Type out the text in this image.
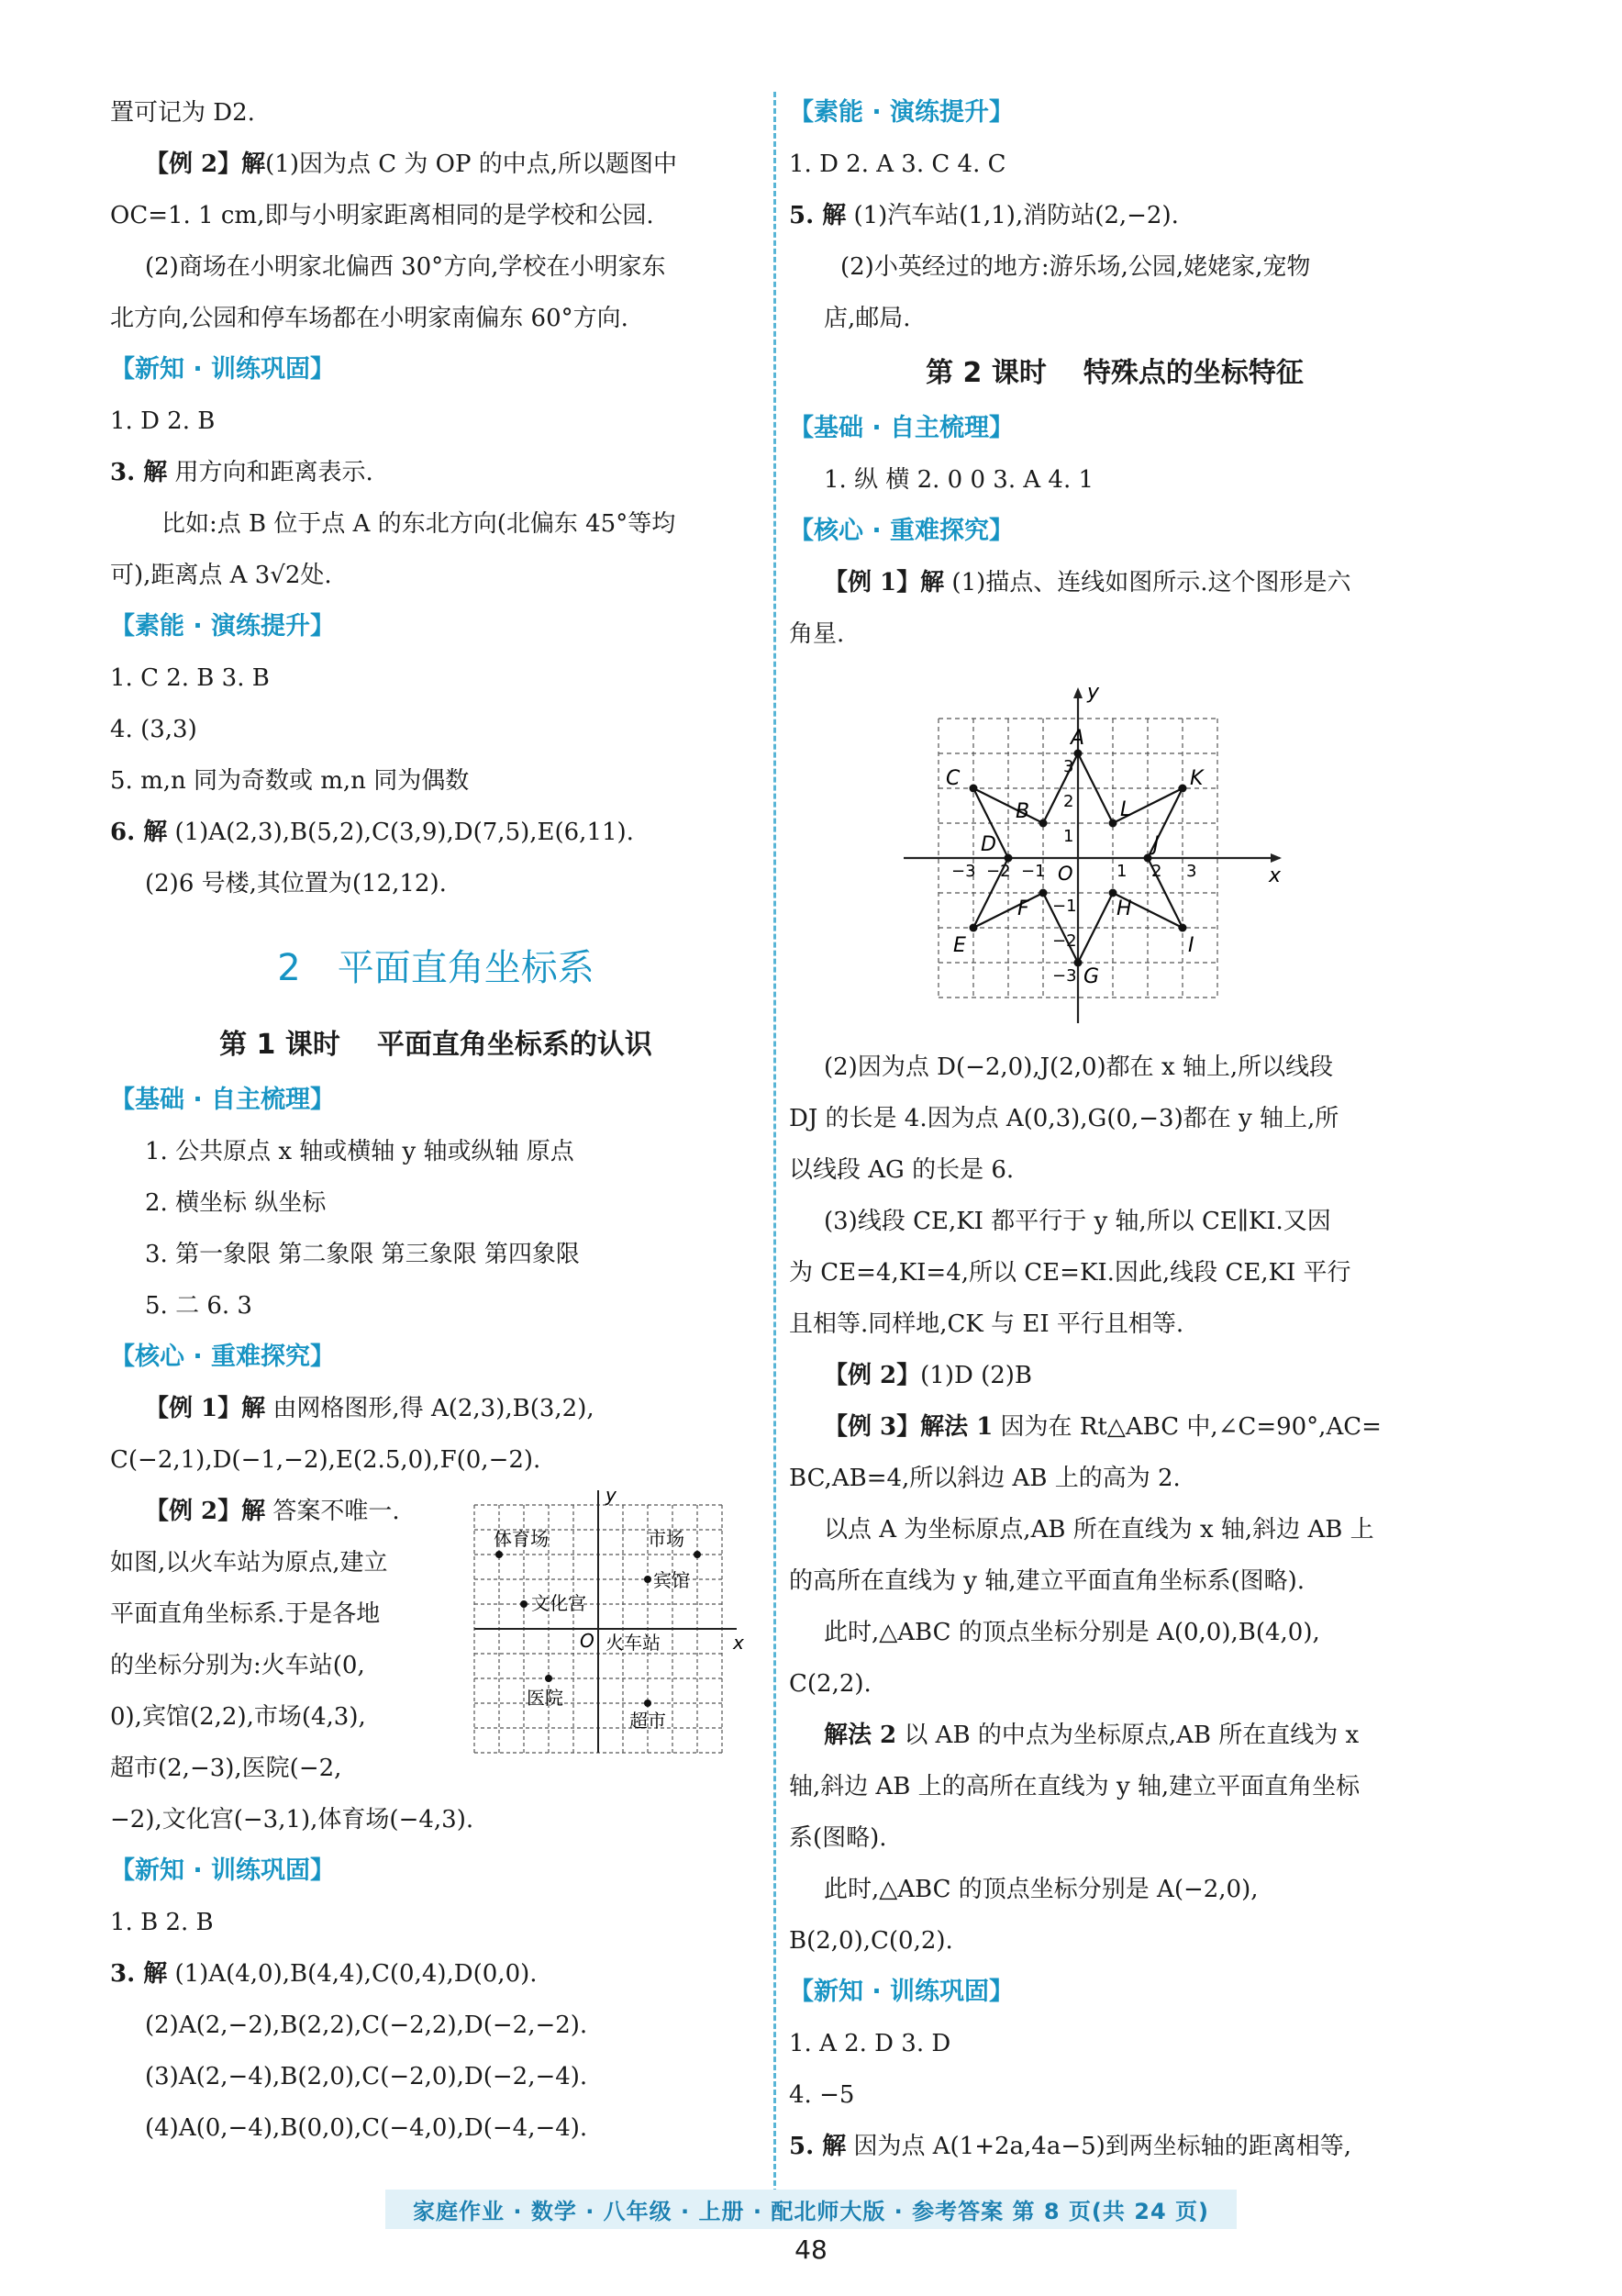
置可记为 D2.
【例 2】解(1)因为点 C 为 OP 的中点,所以题图中
OC=1. 1 cm,即与小明家距离相同的是学校和公园.
(2)商场在小明家北偏西 30°方向,学校在小明家东
北方向,公园和停车场都在小明家南偏东 60°方向.
【新知 · 训练巩固】
1. D 2. B
3. 解 用方向和距离表示.
比如:点 B 位于点 A 的东北方向(北偏东 45°等均
可),距离点 A 3√2处.
【素能 · 演练提升】
1. C 2. B 3. B
4. (3,3)
5. m,n 同为奇数或 m,n 同为偶数
6. 解 (1)A(2,3),B(5,2),C(3,9),D(7,5),E(6,11).
(2)6 号楼,其位置为(12,12).
2 平面直角坐标系
第 1 课时 平面直角坐标系的认识
【基础 · 自主梳理】
1. 公共原点 x 轴或横轴 y 轴或纵轴 原点
2. 横坐标 纵坐标
3. 第一象限 第二象限 第三象限 第四象限
5. 二 6. 3
【核心 · 重难探究】
【例 1】解 由网格图形,得 A(2,3),B(3,2),
C(−2,1),D(−1,−2),E(2.5,0),F(0,−2).
x
y
O 火车站
体育场	市场
宾馆
文化宫
医院
超市
【例 2】解 答案不唯一.
如图,以火车站为原点,建立
平面直角坐标系.于是各地
的坐标分别为:火车站(0,
0),宾馆(2,2),市场(4,3),
超市(2,−3),医院(−2,
−2),文化宫(−3,1),体育场(−4,3).
【新知 · 训练巩固】
1. B 2. B
3. 解 (1)A(4,0),B(4,4),C(0,4),D(0,0).
(2)A(2,−2),B(2,2),C(−2,2),D(−2,−2).
(3)A(2,−4),B(2,0),C(−2,0),D(−2,−4).
(4)A(0,−4),B(0,0),C(−4,0),D(−4,−4).
【素能 · 演练提升】
1. D 2. A 3. C 4. C
5. 解 (1)汽车站(1,1),消防站(2,−2).
(2)小英经过的地方:游乐场,公园,姥姥家,宠物
店,邮局.
第 2 课时 特殊点的坐标特征
【基础 · 自主梳理】
1. 纵 横 2. 0 0 3. A 4. 1
【核心 · 重难探究】
【例 1】解 (1)描点、连线如图所示.这个图形是六
角星.
x
y
O
−3 −2 −1	1 2 3
3
2
1
−1
−2
−3
A
B
C
D
E
F
G
H
I
J
K
L
(2)因为点 D(−2,0),J(2,0)都在 x 轴上,所以线段
DJ 的长是 4.因为点 A(0,3),G(0,−3)都在 y 轴上,所
以线段 AG 的长是 6.
(3)线段 CE,KI 都平行于 y 轴,所以 CE∥KI.又因
为 CE=4,KI=4,所以 CE=KI.因此,线段 CE,KI 平行
且相等.同样地,CK 与 EI 平行且相等.
【例 2】(1)D (2)B
【例 3】解法 1 因为在 Rt△ABC 中,∠C=90°,AC=
BC,AB=4,所以斜边 AB 上的高为 2.
以点 A 为坐标原点,AB 所在直线为 x 轴,斜边 AB 上
的高所在直线为 y 轴,建立平面直角坐标系(图略).
此时,△ABC 的顶点坐标分别是 A(0,0),B(4,0),
C(2,2).
解法 2 以 AB 的中点为坐标原点,AB 所在直线为 x
轴,斜边 AB 上的高所在直线为 y 轴,建立平面直角坐标
系(图略).
此时,△ABC 的顶点坐标分别是 A(−2,0),
B(2,0),C(0,2).
【新知 · 训练巩固】
1. A 2. D 3. D
4. −5
5. 解 因为点 A(1+2a,4a−5)到两坐标轴的距离相等,
家庭作业 · 数学 · 八年级 · 上册 · 配北师大版 · 参考答案 第 8 页(共 24 页)
48
